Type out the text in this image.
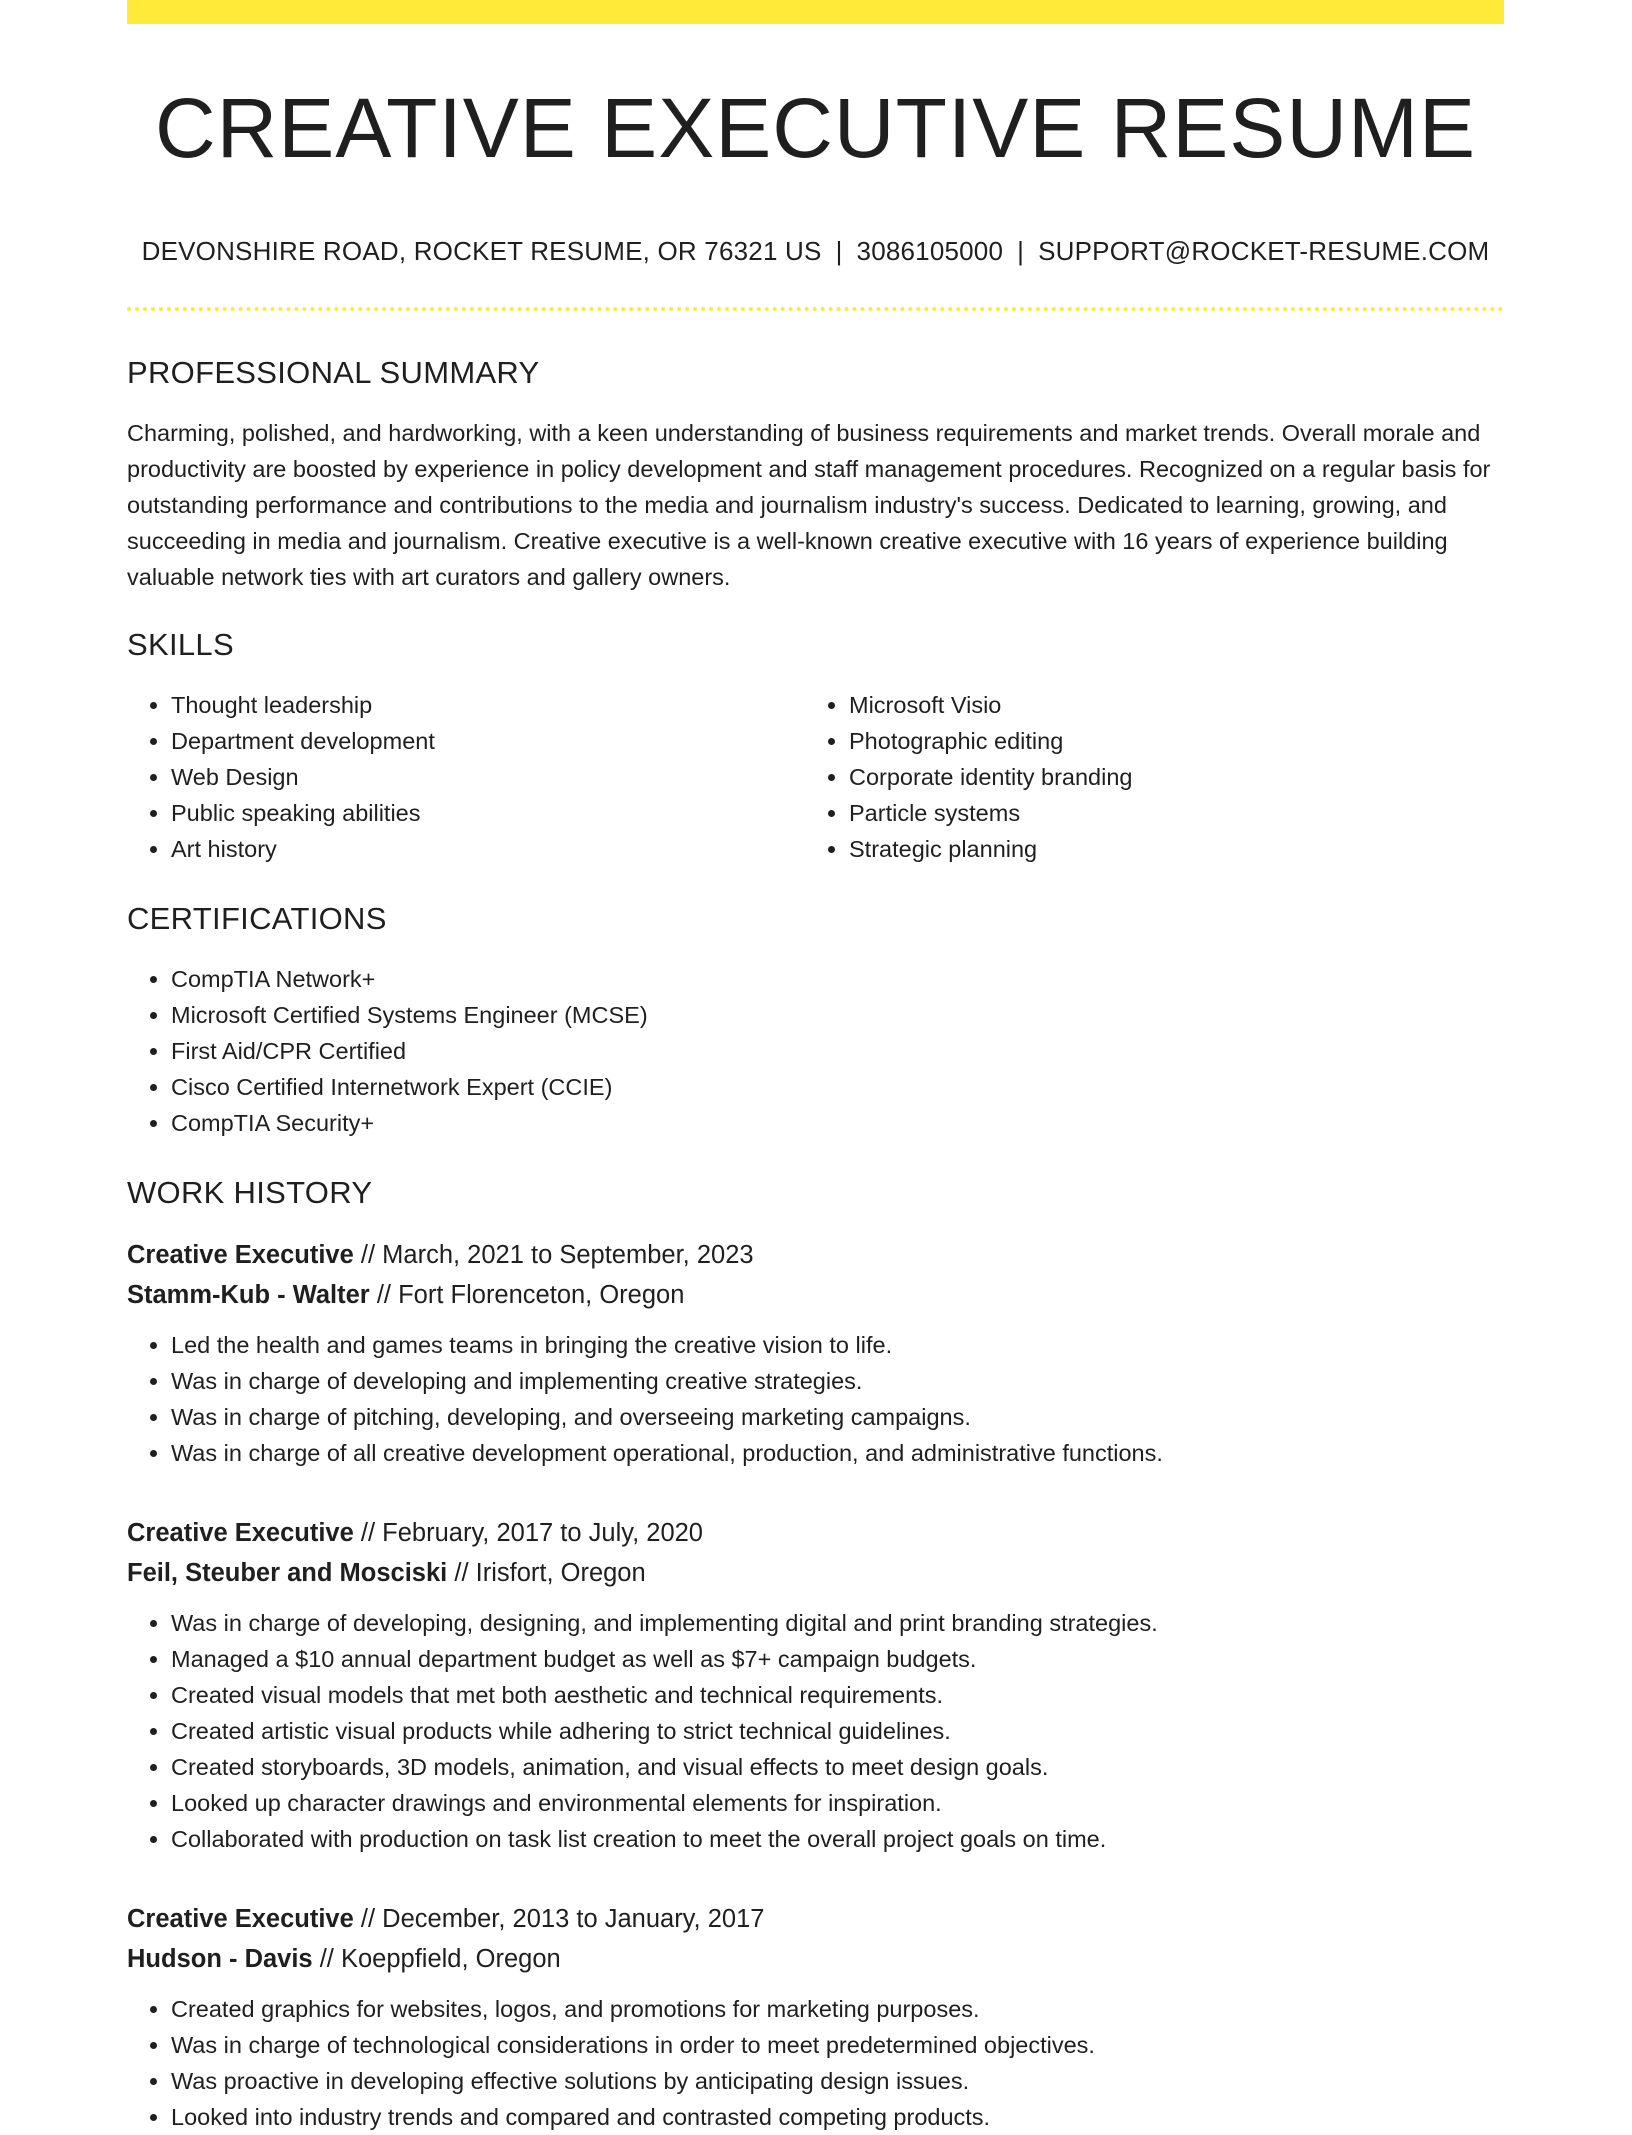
CREATIVE EXECUTIVE RESUME
DEVONSHIRE ROAD, ROCKET RESUME, OR 76321 US | 3086105000 | SUPPORT@ROCKET-RESUME.COM
PROFESSIONAL SUMMARY

Charming, polished, and hardworking, with a keen understanding of business requirements and market trends. Overall morale and productivity are boosted by experience in policy development and staff management procedures. Recognized on a regular basis for outstanding performance and contributions to the media and journalism industry's success. Dedicated to learning, growing, and succeeding in media and journalism. Creative executive is a well-known creative executive with 16 years of experience building valuable network ties with art curators and gallery owners.

SKILLS
• Thought leadership
• Department development
• Web Design
• Public speaking abilities
• Art history
• Microsoft Visio
• Photographic editing
• Corporate identity branding
• Particle systems
• Strategic planning
CERTIFICATIONS
• CompTIA Network+
• Microsoft Certified Systems Engineer (MCSE)
• First Aid/CPR Certified
• Cisco Certified Internetwork Expert (CCIE)
• CompTIA Security+
WORK HISTORY
Creative Executive // March, 2021 to September, 2023
Stamm-Kub - Walter // Fort Florenceton, Oregon
• Led the health and games teams in bringing the creative vision to life.
• Was in charge of developing and implementing creative strategies.
• Was in charge of pitching, developing, and overseeing marketing campaigns.
• Was in charge of all creative development operational, production, and administrative functions.
Creative Executive // February, 2017 to July, 2020
Feil, Steuber and Mosciski // Irisfort, Oregon
• Was in charge of developing, designing, and implementing digital and print branding strategies.
• Managed a $10 annual department budget as well as $7+ campaign budgets.
• Created visual models that met both aesthetic and technical requirements.
• Created artistic visual products while adhering to strict technical guidelines.
• Created storyboards, 3D models, animation, and visual effects to meet design goals.
• Looked up character drawings and environmental elements for inspiration.
• Collaborated with production on task list creation to meet the overall project goals on time.
Creative Executive // December, 2013 to January, 2017
Hudson - Davis // Koeppfield, Oregon
• Created graphics for websites, logos, and promotions for marketing purposes.
• Was in charge of technological considerations in order to meet predetermined objectives.
• Was proactive in developing effective solutions by anticipating design issues.
• Looked into industry trends and compared and contrasted competing products.
